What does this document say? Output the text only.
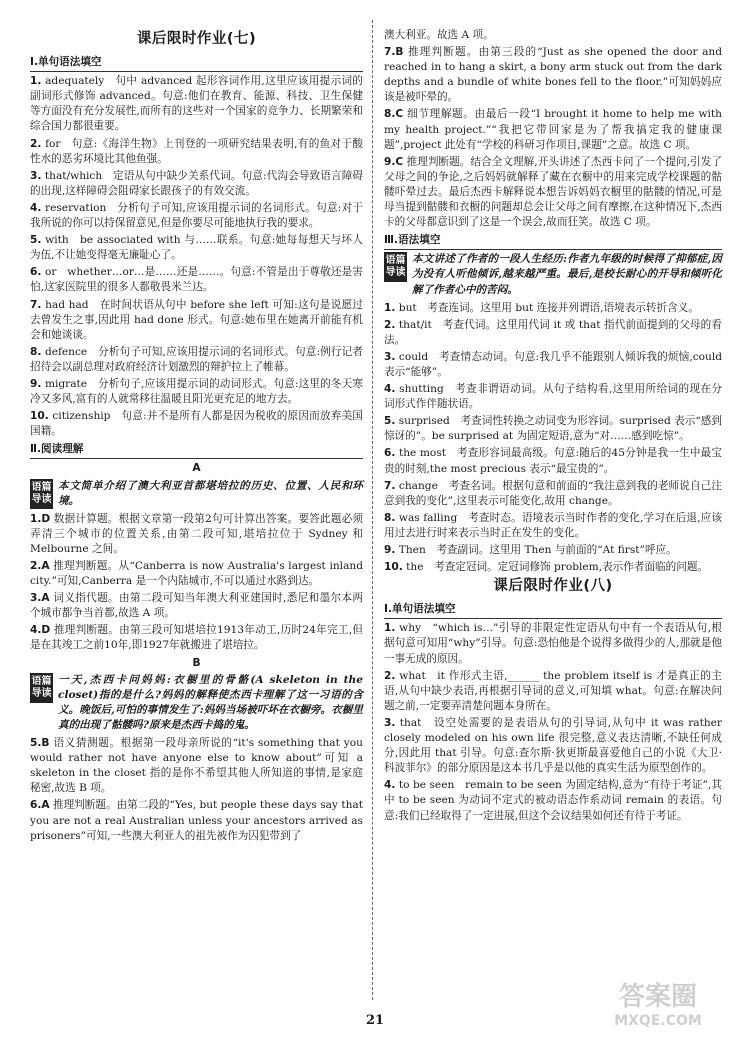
课后限时作业(七)
Ⅰ.单句语法填空
1. adequately　句中 advanced 起形容词作用,这里应该用提示词的副词形式修饰 advanced。句意:他们在教育、能源、科技、卫生保健等方面没有充分发展性,而所有的这些对一个国家的竞争力、长期繁荣和综合国力都很重要。
2. for　句意:《海洋生物》上刊登的一项研究结果表明,有的鱼对于酸性水的恶劣环境比其他鱼强。
3. that/which　定语从句中缺少关系代词。句意:代沟会导致语言障碍的出现,这样障碍会阻碍家长跟孩子的有效交流。
4. reservation　分析句子可知,应该用提示词的名词形式。句意:对于我所说的你可以持保留意见,但是你要尽可能地执行我的要求。
5. with　be associated with 与……联系。句意:她每每想天与坏人为伍,不让她变得毫无廉耻心了。
6. or　whether…or…是……还是……。句意:不管是出于尊敬还是害怕,这家医院里的很多人都敬畏米兰达。
7. had had　在时间状语从句中 before she left 可知:这句是说愿过去曾发生之事,因此用 had done 形式。句意:她布里在她离开前能有机会和她谈谈。
8. defence　分析句子可知,应该用提示词的名词形式。句意:例行记者招待会以副总理对政府经济计划激烈的辩护拉上了帷幕。
9. migrate　分析句子,应该用提示词的动词形式。句意:这里的冬天寒冷又多风,富有的人就常移往温暖且阳光更充足的地方去。
10. citizenship　句意:并不是所有人都是因为税收的原因而放弃美国国籍。
Ⅱ.阅读理解
A
语篇导读
本文简单介绍了澳大利亚首都堪培拉的历史、位置、人民和环境。
1.D 数据计算题。根据文章第一段第2句可计算出答案。要答此题必须弄清三个城市的位置关系,由第二段可知,堪培拉位于 Sydney 和 Melbourne 之间。
2.A 推理判断题。从“Canberra is now Australia's largest inland city.”可知,Canberra 是一个内陆城市,不可以通过水路到达。
3.A 词义指代题。由第二段可知当年澳大利亚建国时,悉尼和墨尔本两个城市都争当首都,故选 A 项。
4.D 推理判断题。由第三段可知堪培拉1913年动工,历时24年完工,但是在其竣工之前10年,即1927年就搬进了堪培拉。
B
语篇导读
一天,杰西卡问妈妈:衣橱里的骨骼(A skeleton in the closet)指的是什么?妈妈的解释使杰西卡理解了这一习语的含义。晚饭后,可怕的事情发生了:妈妈当场被吓坏在衣橱旁。衣橱里真的出现了骷髅吗?原来是杰西卡捣的鬼。
5.B 语义猜测题。根据第一段母亲所说的“it's something that you would rather not have anyone else to know about”可知 a skeleton in the closet 指的是你不希望其他人所知道的事情,是家庭秘密,故选 B 项。
6.A 推理判断题。由第二段的“Yes, but people these days say that you are not a real Australian unless your ancestors arrived as prisoners”可知,一些澳大利亚人的祖先被作为囚犯带到了
澳大利亚。故选 A 项。
7.B 推理判断题。由第三段的“Just as she opened the door and reached in to hang a skirt, a bony arm stuck out from the dark depths and a bundle of white bones fell to the floor.”可知妈妈应该是被吓晕的。
8.C 细节理解题。由最后一段“I brought it home to help me with my health project.”“我把它带回家是为了帮我搞定我的健康课题”,project 此处有“学校的科研习作项目,课题”之意。故选 C 项。
9.C 推理判断题。结合全文理解,开头讲述了杰西卡问了一个提问,引发了父母之间的争论,之后妈妈就解释了藏在衣橱中的用来完成学校课题的骷髅吓晕过去。最后杰西卡解释说本想告诉妈妈衣橱里的骷髅的情况,可是母当提到骷髅和衣橱的问题却总会让父母之间有摩擦,在这种情况下,杰西卡的父母都意识到了这是一个误会,故而狂笑。故选 C 项。
Ⅲ.语法填空
语篇导读
本文讲述了作者的一段人生经历:作者九年级的时候得了抑郁症,因为没有人听他倾诉,越来越严重。最后,是校长耐心的开导和倾听化解了作者心中的苦闷。
1. but　考查连词。这里用 but 连接并列谓语,语境表示转折含义。
2. that/it　考查代词。这里用代词 it 或 that 指代前面提到的父母的看法。
3. could　考查情态动词。句意:我几乎不能跟别人倾诉我的烦恼,could 表示“能够”。
4. shutting　考查非谓语动词。从句子结构看,这里用所给词的现在分词形式作伴随状语。
5. surprised　考查词性转换之动词变为形容词。surprised 表示“感到惊讶的”。be surprised at 为固定短语,意为“对……感到吃惊”。
6. the most　考查形容词最高级。句意:随后的45分钟是我一生中最宝贵的时刻,the most precious 表示“最宝贵的”。
7. change　考查名词。根据句意和前面的“我注意到我的老师说自己注意到我的变化”,这里表示可能变化,故用 change。
8. was falling　考查时态。语境表示当时作者的变化,学习在后退,应该用过去进行时来表示当时正在发生的变化。
9. Then　考查副词。这里用 Then 与前面的“At first”呼应。
10. the　考查定冠词。定冠词修饰 problem,表示作者面临的问题。
课后限时作业(八)
Ⅰ.单句语法填空
1. why　“which is…”引导的非限定性定语从句中有一个表语从句,根据句意可知用“why”引导。句意:恐怕他是个说得多做得少的人,那就是他一事无成的原因。
2. what　it 作形式主语,______ the problem itself is 才是真正的主语,从句中缺少表语,再根据引导词的意义,可知填 what。句意:在解决问题之前,一定要弄清楚问题本身所在。
3. that　设空处需要的是表语从句的引导词,从句中 it was rather closely modeled on his own life 很完整,意义表达清晰,不缺任何成分,因此用 that 引导。句意:查尔斯·狄更斯最喜爱他自己的小说《大卫·科波菲尔》的部分原因是这本书几乎是以他的真实生活为原型创作的。
4. to be seen　remain to be seen 为固定结构,意为“有待于考证”,其中 to be seen 为动词不定式的被动语态作系动词 remain 的表语。句意:我们已经取得了一定进展,但这个会议结果如何还有待于考证。
21
答案圈
MXQE.COM
